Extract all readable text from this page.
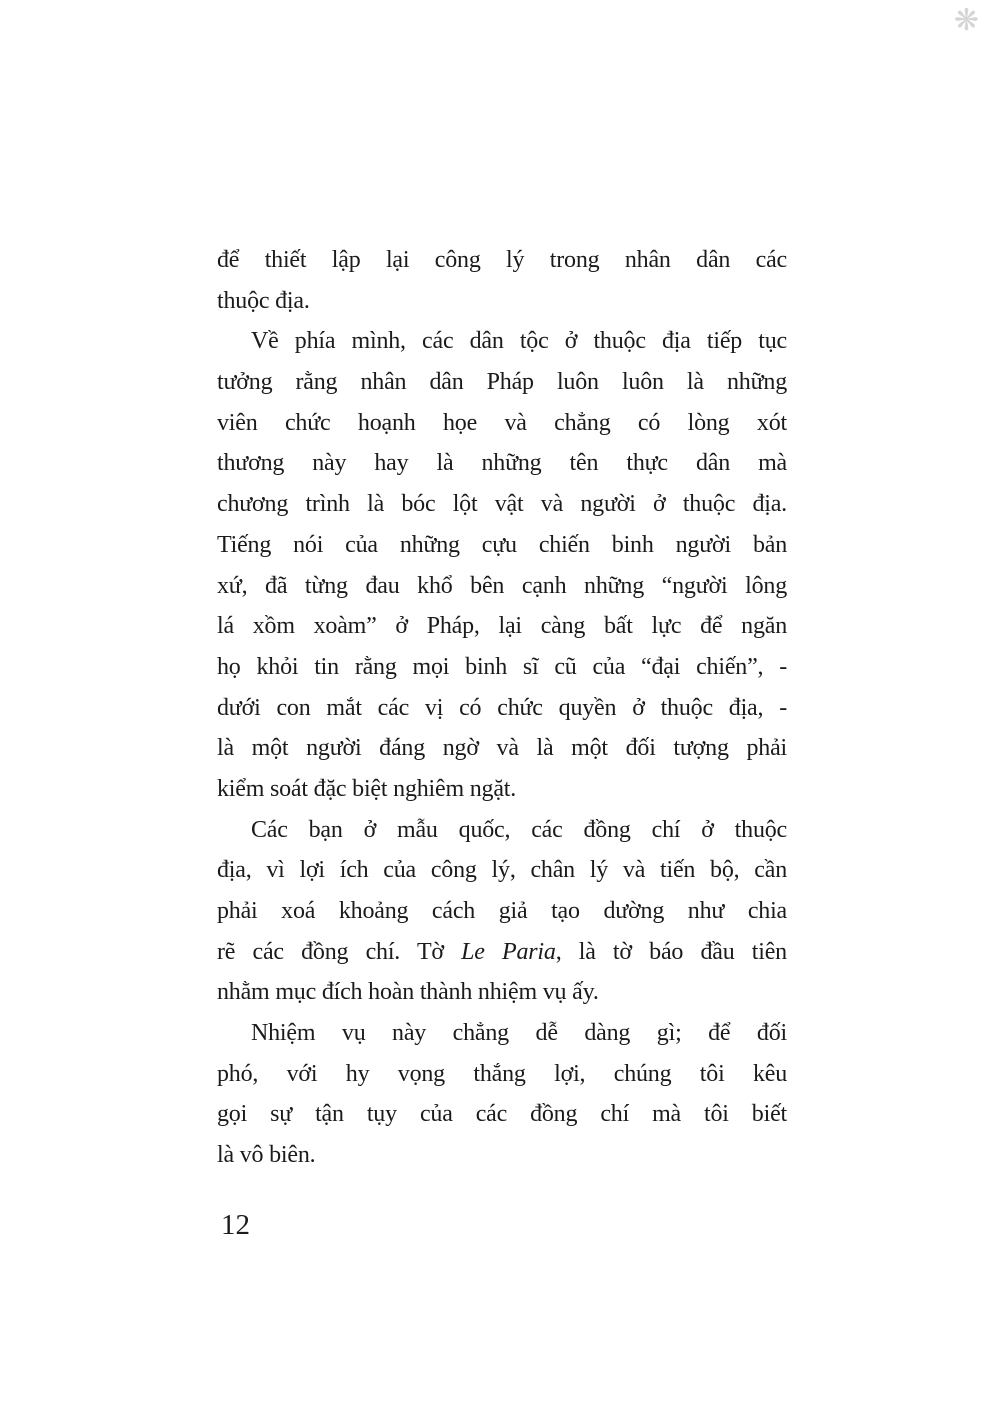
❋
để thiết lập lại công lý trong nhân dân các
thuộc địa.
Về phía mình, các dân tộc ở thuộc địa tiếp tục
tưởng rằng nhân dân Pháp luôn luôn là những
viên chức hoạnh họe và chẳng có lòng xót
thương này hay là những tên thực dân mà
chương trình là bóc lột vật và người ở thuộc địa.
Tiếng nói của những cựu chiến binh người bản
xứ, đã từng đau khổ bên cạnh những “người lông
lá xồm xoàm” ở Pháp, lại càng bất lực để ngăn
họ khỏi tin rằng mọi binh sĩ cũ của “đại chiến”, -
dưới con mắt các vị có chức quyền ở thuộc địa, -
là một người đáng ngờ và là một đối tượng phải
kiểm soát đặc biệt nghiêm ngặt.
Các bạn ở mẫu quốc, các đồng chí ở thuộc
địa, vì lợi ích của công lý, chân lý và tiến bộ, cần
phải xoá khoảng cách giả tạo dường như chia
rẽ các đồng chí. Tờ Le Paria, là tờ báo đầu tiên
nhằm mục đích hoàn thành nhiệm vụ ấy.
Nhiệm vụ này chẳng dễ dàng gì; để đối
phó, với hy vọng thắng lợi, chúng tôi kêu
gọi sự tận tụy của các đồng chí mà tôi biết
là vô biên.
12
